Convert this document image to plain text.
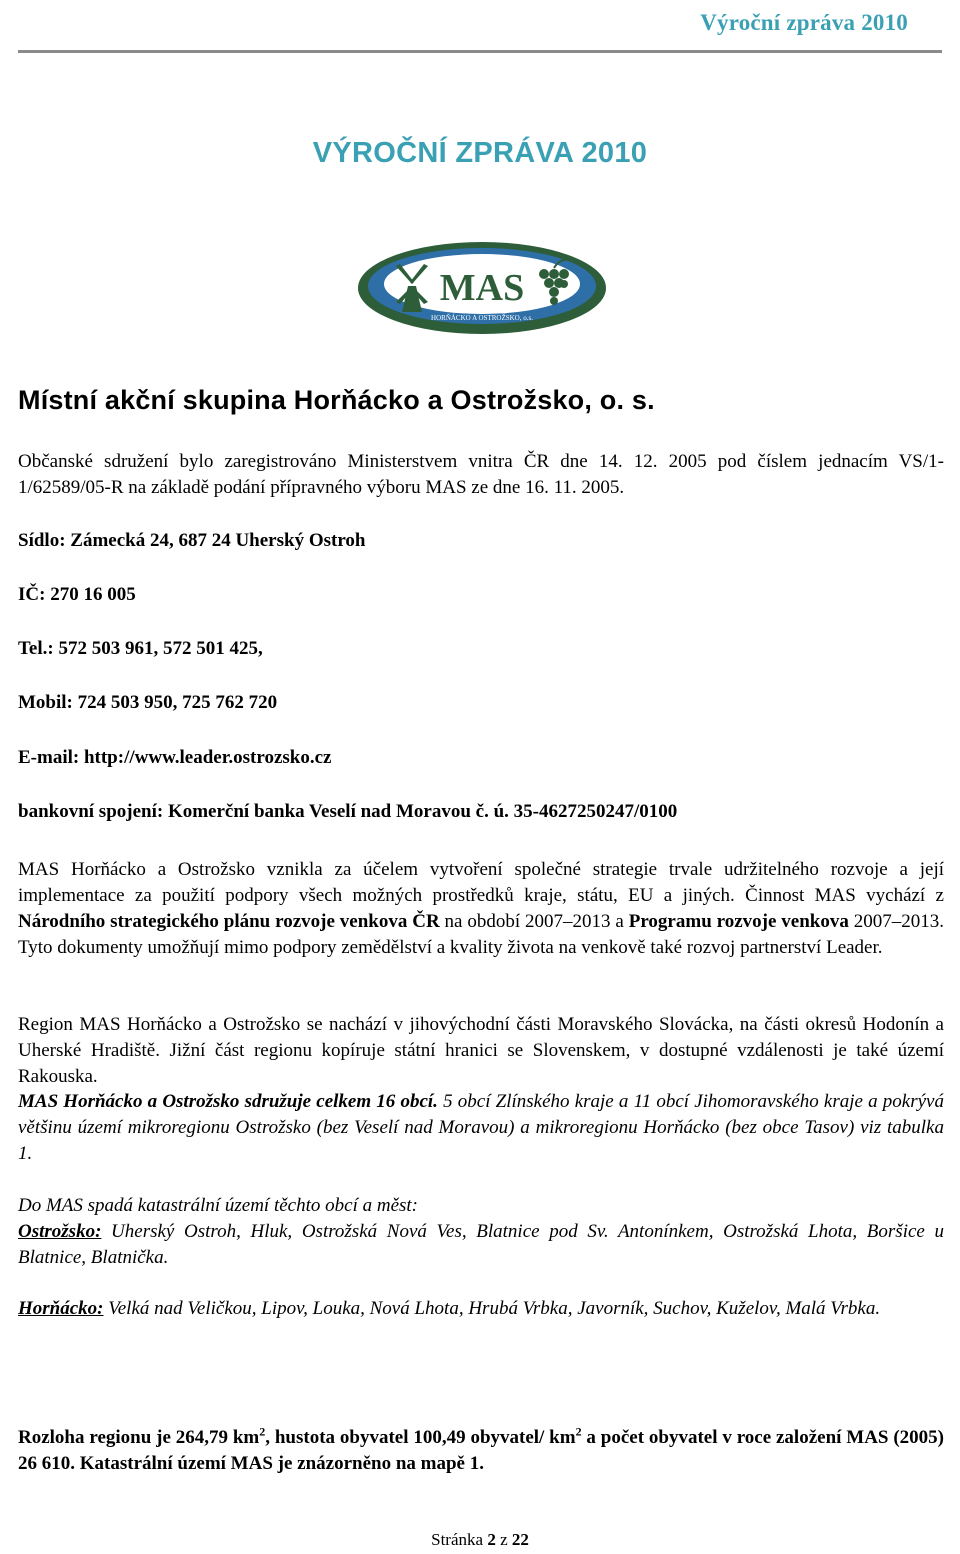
Výroční zpráva 2010
VÝROČNÍ ZPRÁVA 2010
MAS
HORŇÁCKO A OSTROŽSKO, o.s.
Místní akční skupina Horňácko a Ostrožsko, o. s.
Občanské sdružení bylo zaregistrováno Ministerstvem vnitra ČR dne 14. 12. 2005 pod číslem jednacím VS/1-1/62589/05-R na základě podání přípravného výboru MAS ze dne 16. 11. 2005.
Sídlo: Zámecká 24, 687 24 Uherský Ostroh
IČ: 270 16 005
Tel.: 572 503 961, 572 501 425,
Mobil: 724 503 950, 725 762 720
E-mail: http://www.leader.ostrozsko.cz
bankovní spojení: Komerční banka Veselí nad Moravou č. ú. 35-4627250247/0100
MAS Horňácko a Ostrožsko vznikla za účelem vytvoření společné strategie trvale udržitelného rozvoje a její implementace za použití podpory všech možných prostředků kraje, státu, EU a jiných. Činnost MAS vychází z Národního strategického plánu rozvoje venkova ČR na období 2007–2013 a Programu rozvoje venkova 2007–2013. Tyto dokumenty umožňují mimo podpory zemědělství a kvality života na venkově také rozvoj partnerství Leader.
Region MAS Horňácko a Ostrožsko se nachází v jihovýchodní části Moravského Slovácka, na části okresů Hodonín a Uherské Hradiště. Jižní část regionu kopíruje státní hranici se Slovenskem, v dostupné vzdálenosti je také území Rakouska.
MAS Horňácko a Ostrožsko sdružuje celkem 16 obcí. 5 obcí Zlínského kraje a 11 obcí Jihomoravského kraje a pokrývá většinu území mikroregionu Ostrožsko (bez Veselí nad Moravou) a mikroregionu Horňácko (bez obce Tasov) viz tabulka 1.
Do MAS spadá katastrální území těchto obcí a měst:
Ostrožsko: Uherský Ostroh, Hluk, Ostrožská Nová Ves, Blatnice pod Sv. Antonínkem, Ostrožská Lhota, Boršice u Blatnice, Blatnička.
Horňácko: Velká nad Veličkou, Lipov, Louka, Nová Lhota, Hrubá Vrbka, Javorník, Suchov, Kuželov, Malá Vrbka.
Rozloha regionu je 264,79 $km^2$, hustota obyvatel 100,49 obyvatel/ $km^2$ a počet obyvatel v roce založení MAS (2005) 26 610. Katastrální území MAS je znázorněno na mapě 1.
Stránka 2 z 22
